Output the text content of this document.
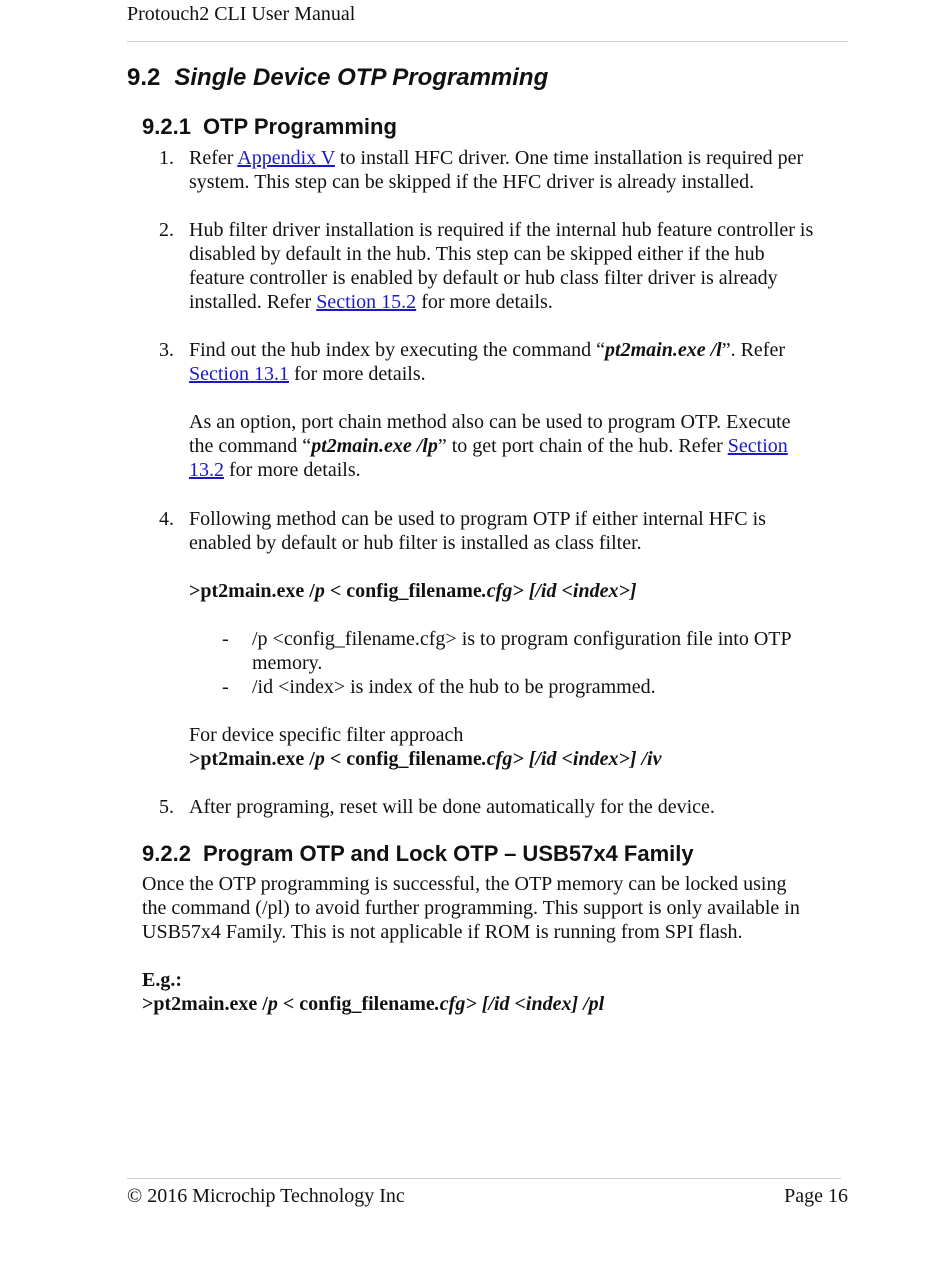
Protouch2 CLI User Manual
9.2 Single Device OTP Programming
9.2.1 OTP Programming
1. Refer Appendix V to install HFC driver. One time installation is required per
system. This step can be skipped if the HFC driver is already installed.
2. Hub filter driver installation is required if the internal hub feature controller is
disabled by default in the hub. This step can be skipped either if the hub
feature controller is enabled by default or hub class filter driver is already
installed. Refer Section 15.2 for more details.
3. Find out the hub index by executing the command “pt2main.exe /l”. Refer
Section 13.1 for more details.
As an option, port chain method also can be used to program OTP. Execute
the command “pt2main.exe /lp” to get port chain of the hub. Refer Section
13.2 for more details.
4. Following method can be used to program OTP if either internal HFC is
enabled by default or hub filter is installed as class filter.
>pt2main.exe /p < config_filename.cfg> [/id <index>]
- /p <config_filename.cfg> is to program configuration file into OTP
memory.
- /id <index> is index of the hub to be programmed.
For device specific filter approach
>pt2main.exe /p < config_filename.cfg> [/id <index>] /iv
5. After programing, reset will be done automatically for the device.
9.2.2 Program OTP and Lock OTP – USB57x4 Family
Once the OTP programming is successful, the OTP memory can be locked using
the command (/pl) to avoid further programming. This support is only available in
USB57x4 Family. This is not applicable if ROM is running from SPI flash.
E.g.:
>pt2main.exe /p < config_filename.cfg> [/id <index] /pl
© 2016 Microchip Technology Inc	Page 16
